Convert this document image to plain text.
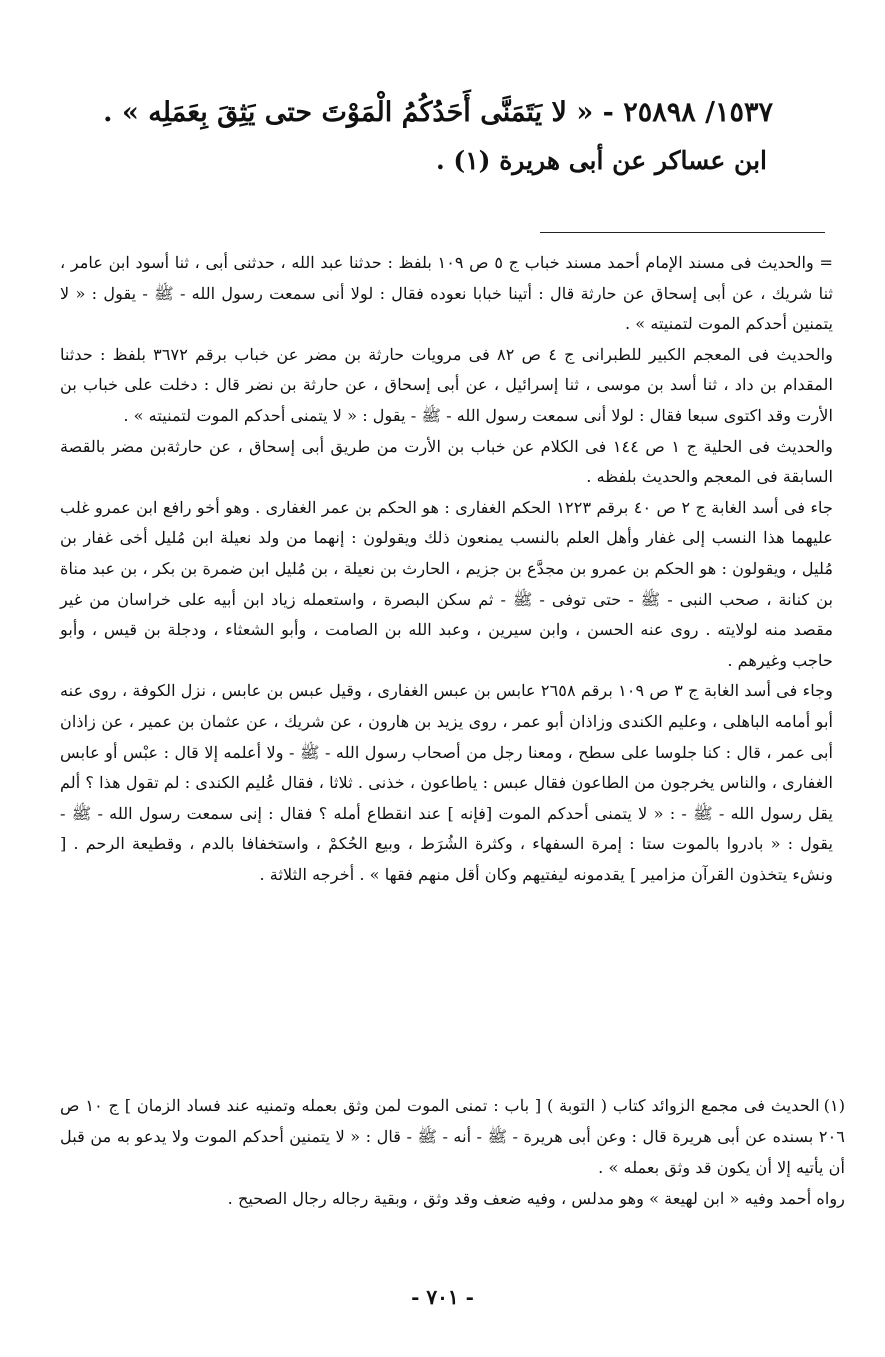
١٥٣٧/ ٢٥٨٩٨ - « لا يَتَمَنَّى أَحَدُكُمُ الْمَوْتَ حتى يَثِقَ بِعَمَلِه » .
ابن عساكر عن أبى هريرة (١) .

= والحديث فى مسند الإمام أحمد مسند خباب ج ٥ ص ١٠٩ بلفظ : حدثنا عبد الله ، حدثنى أبى ، ثنا أسود ابن عامر ، ثنا شريك ، عن أبى إسحاق عن حارثة قال : أتينا خبابا نعوده فقال : لولا أنى سمعت رسول الله - ﷺ - يقول : « لا يتمنين أحدكم الموت لتمنيته » .

والحديث فى المعجم الكبير للطبرانى ج ٤ ص ٨٢ فى مرويات حارثة بن مضر عن خباب برقم ٣٦٧٢ بلفظ : حدثنا المقدام بن داد ، ثنا أسد بن موسى ، ثنا إسرائيل ، عن أبى إسحاق ، عن حارثة بن نضر قال : دخلت على خباب بن الأرت وقد اكتوى سبعا فقال : لولا أنى سمعت رسول الله - ﷺ - يقول : « لا يتمنى أحدكم الموت لتمنيته » .

والحديث فى الحلية ج ١ ص ١٤٤ فى الكلام عن خباب بن الأرت من طريق أبى إسحاق ، عن حارثةبن مضر بالقصة السابقة فى المعجم والحديث بلفظه .

جاء فى أسد الغابة ج ٢ ص ٤٠ برقم ١٢٢٣ الحكم الغفارى : هو الحكم بن عمر الغفارى . وهو أخو رافع ابن عمرو غلب عليهما هذا النسب إلى غفار وأهل العلم بالنسب يمنعون ذلك ويقولون : إنهما من ولد نعيلة ابن مُليل أخى غفار بن مُليل ، ويقولون : هو الحكم بن عمرو بن مجدَّع بن جزيم ، الحارث بن نعيلة ، بن مُليل ابن ضمرة بن بكر ، بن عبد مناة بن كنانة ، صحب النبى - ﷺ - حتى توفى - ﷺ - ثم سكن البصرة ، واستعمله زياد ابن أبيه على خراسان من غير مقصد منه لولايته . روى عنه الحسن ، وابن سيرين ، وعبد الله بن الصامت ، وأبو الشعثاء ، ودجلة بن قيس ، وأبو حاجب وغيرهم .

وجاء فى أسد الغابة ج ٣ ص ١٠٩ برقم ٢٦٥٨ عابس بن عبس الغفارى ، وقيل عبس بن عابس ، نزل الكوفة ، روى عنه أبو أمامه الباهلى ، وعليم الكندى وزاذان أبو عمر ، روى يزيد بن هارون ، عن شريك ، عن عثمان بن عمير ، عن زاذان أبى عمر ، قال : كنا جلوسا على سطح ، ومعنا رجل من أصحاب رسول الله - ﷺ - ولا أعلمه إلا قال : عبْس أو عابس الغفارى ، والناس يخرجون من الطاعون فقال عبس : ياطاعون ، خذنى . ثلاثا ، فقال عُليم الكندى : لم تقول هذا ؟ ألم يقل رسول الله - ﷺ - : « لا يتمنى أحدكم الموت [فإنه ] عند انقطاع أمله ؟ فقال : إنى سمعت رسول الله - ﷺ - يقول : « بادروا بالموت ستا : إمرة السفهاء ، وكثرة الشُرَط ، وبيع الحُكمْ ، واستخفافا بالدم ، وقطيعة الرحم . [ ونشء يتخذون القرآن مزامير ] يقدمونه ليفتيهم وكان أقل منهم فقها » . أخرجه الثلاثة .

(١)الحديث فى مجمع الزوائد كتاب ( التوبة ) [ باب : تمنى الموت لمن وثق بعمله وتمنيه عند فساد الزمان ] ج ١٠ ص ٢٠٦ بسنده عن أبى هريرة قال : وعن أبى هريرة - ﷺ - أنه - ﷺ - قال : « لا يتمنين أحدكم الموت ولا يدعو به من قبل أن يأتيه إلا أن يكون قد وثق بعمله » .

رواه أحمد وفيه « ابن لهيعة » وهو مدلس ، وفيه ضعف وقد وثق ، وبقية رجاله رجال الصحيح .

- ٧٠١ -
